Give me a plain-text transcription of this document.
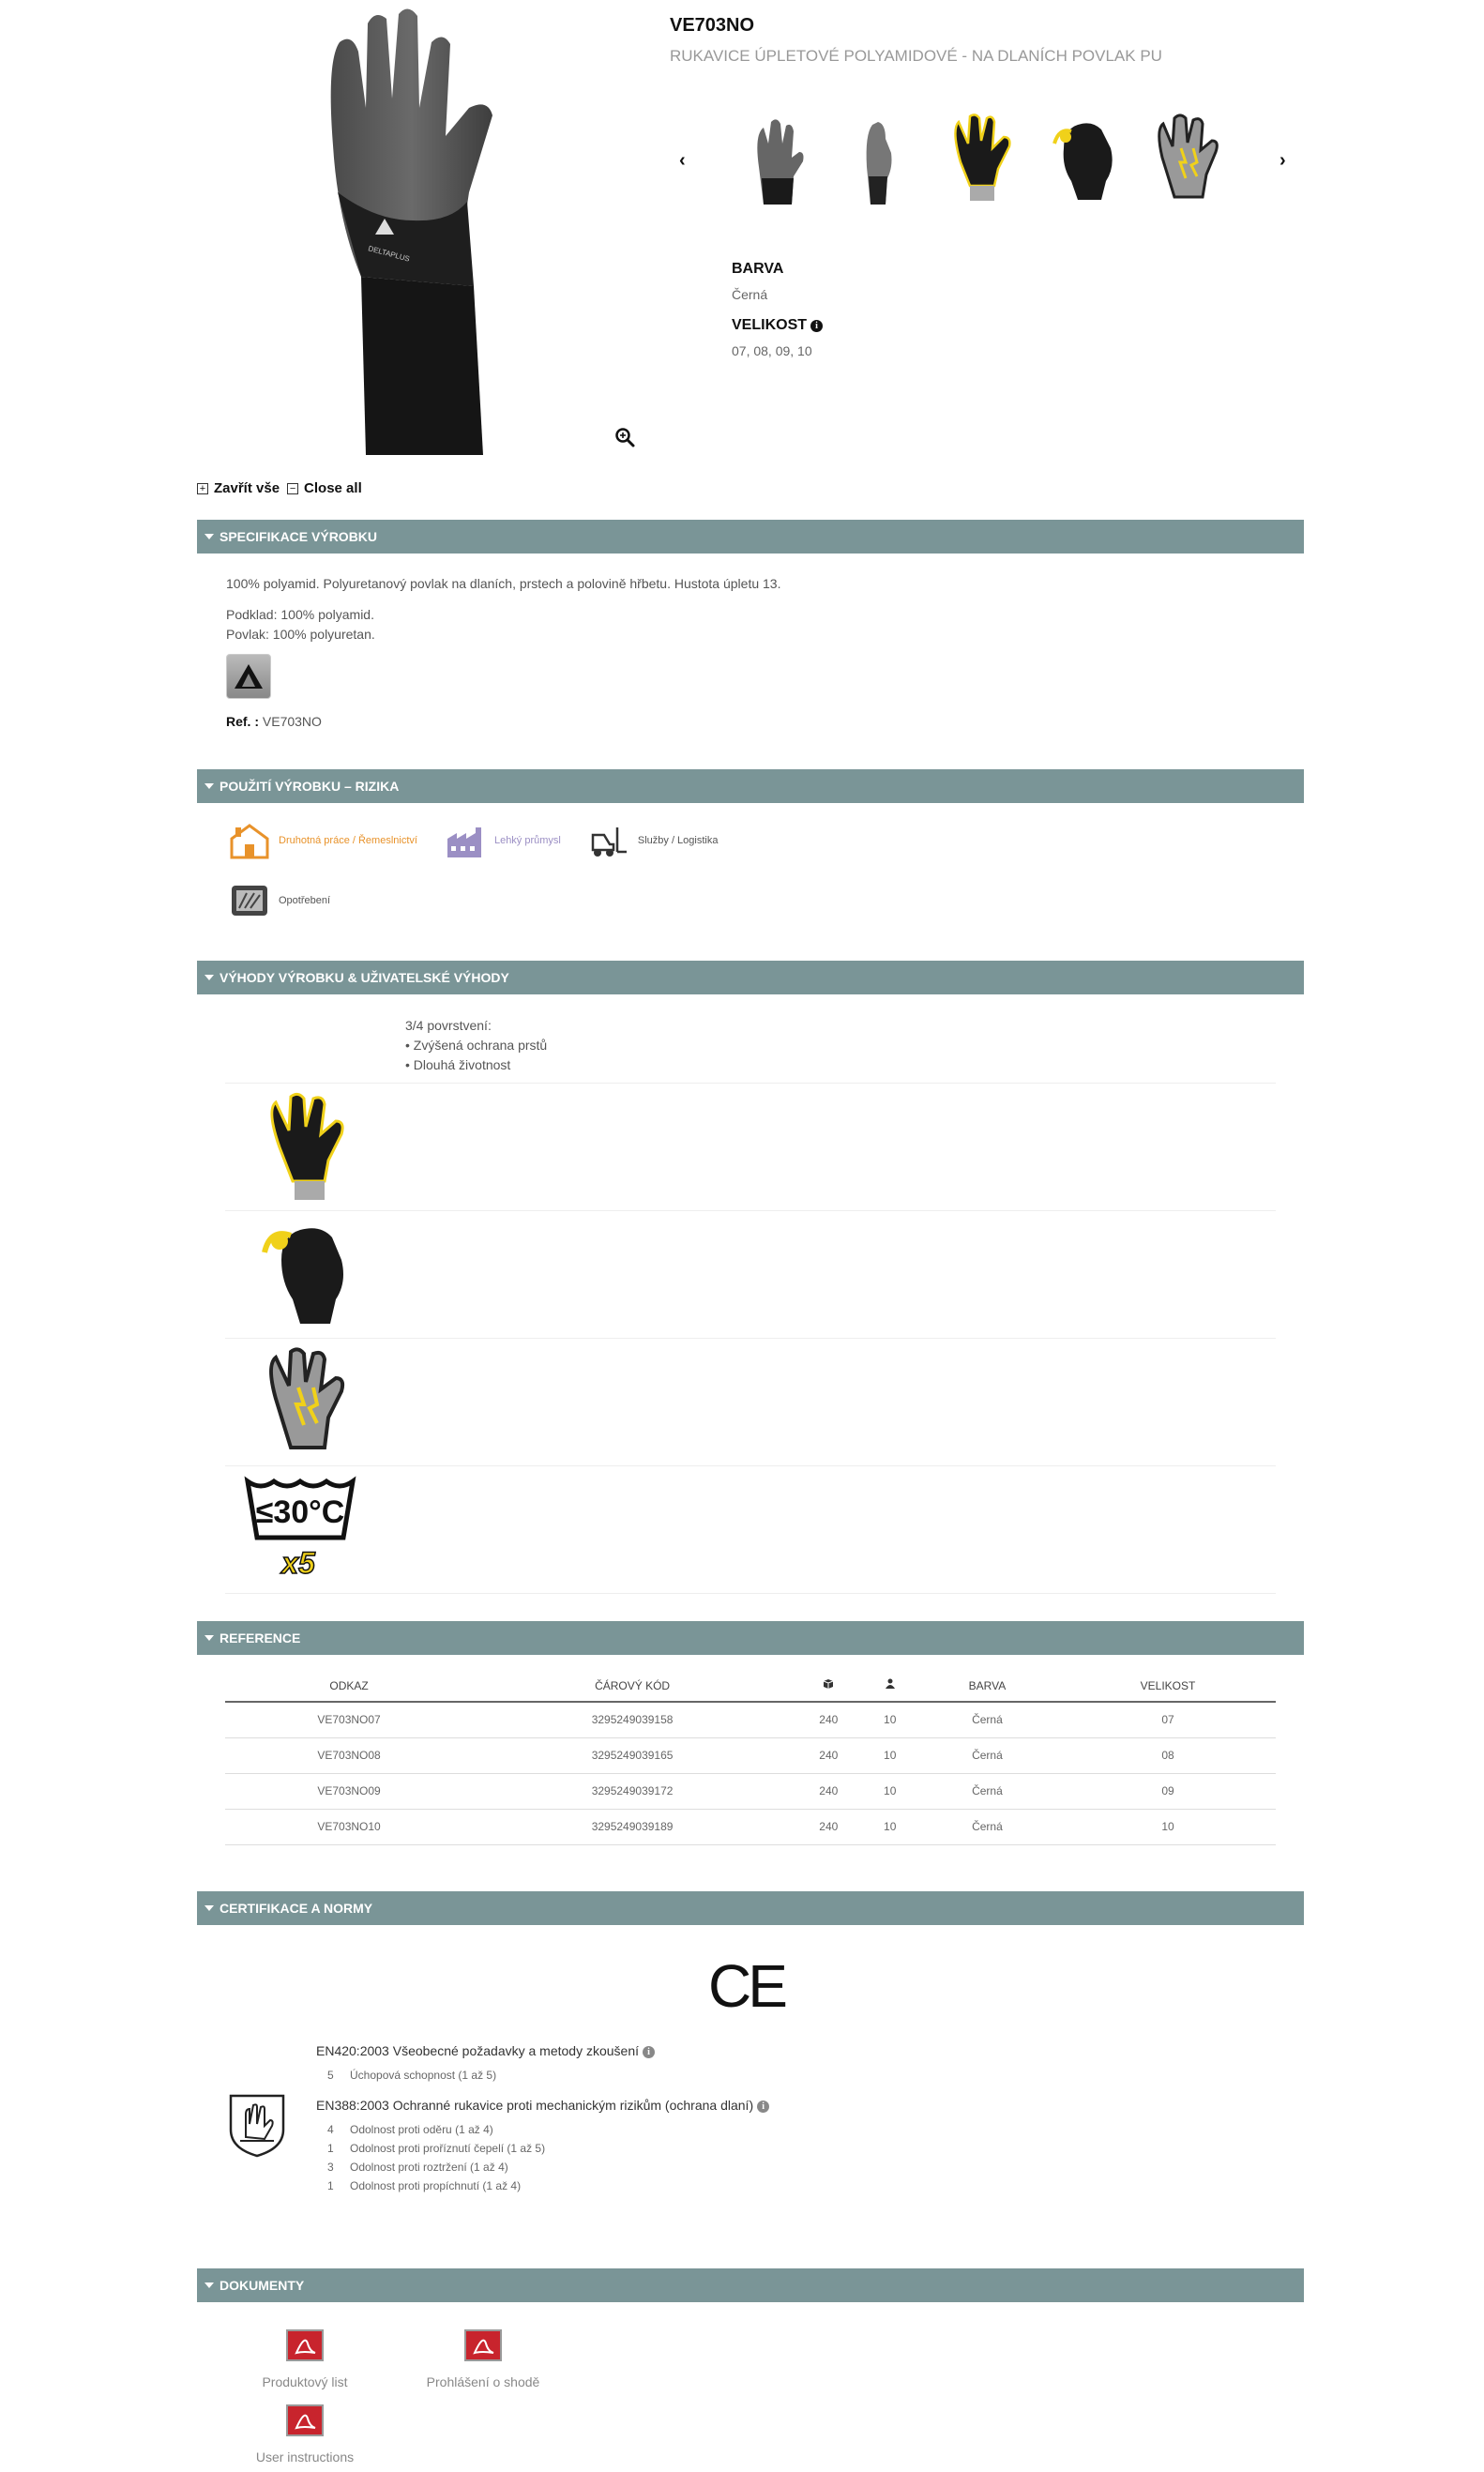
DELTAPLUS
VE703NO
RUKAVICE ÚPLETOVÉ POLYAMIDOVÉ - NA DLANÍCH POVLAK PU
‹	›
BARVA
Černá
VELIKOST i
07, 08, 09, 10
+ Zavřít vše − Close all
SPECIFIKACE VÝROBKU

100% polyamid. Polyuretanový povlak na dlaních, prstech a polovině hřbetu. Hustota úpletu 13.

Podklad: 100% polyamid.
Povlak: 100% polyuretan.
Ref. : VE703NO
POUŽITÍ VÝROBKU – RIZIKA
Druhotná práce / Řemeslnictví	Lehký průmysl	Služby / Logistika
Opotřebení
VÝHODY VÝROBKU & UŽIVATELSKÉ VÝHODY
3/4 povrstvení:
• Zvýšená ochrana prstů
• Dlouhá životnost
≤30°C
x5
REFERENCE
ODKAZ	ČÁROVÝ KÓD			BARVA	VELIKOST
VE703NO07	3295249039158	240	10	Černá	07
VE703NO08	3295249039165	240	10	Černá	08
VE703NO09	3295249039172	240	10	Černá	09
VE703NO10	3295249039189	240	10	Černá	10
CERTIFIKACE A NORMY
CE
EN420:2003 Všeobecné požadavky a metody zkoušení i
5 Úchopová schopnost (1 až 5)
EN388:2003 Ochranné rukavice proti mechanickým rizikům (ochrana dlaní) i
4 Odolnost proti oděru (1 až 4)
1 Odolnost proti proříznutí čepelí (1 až 5)
3 Odolnost proti roztržení (1 až 4)
1 Odolnost proti propíchnutí (1 až 4)
DOKUMENTY
Produktový list	Prohlášení o shodě
User instructions
